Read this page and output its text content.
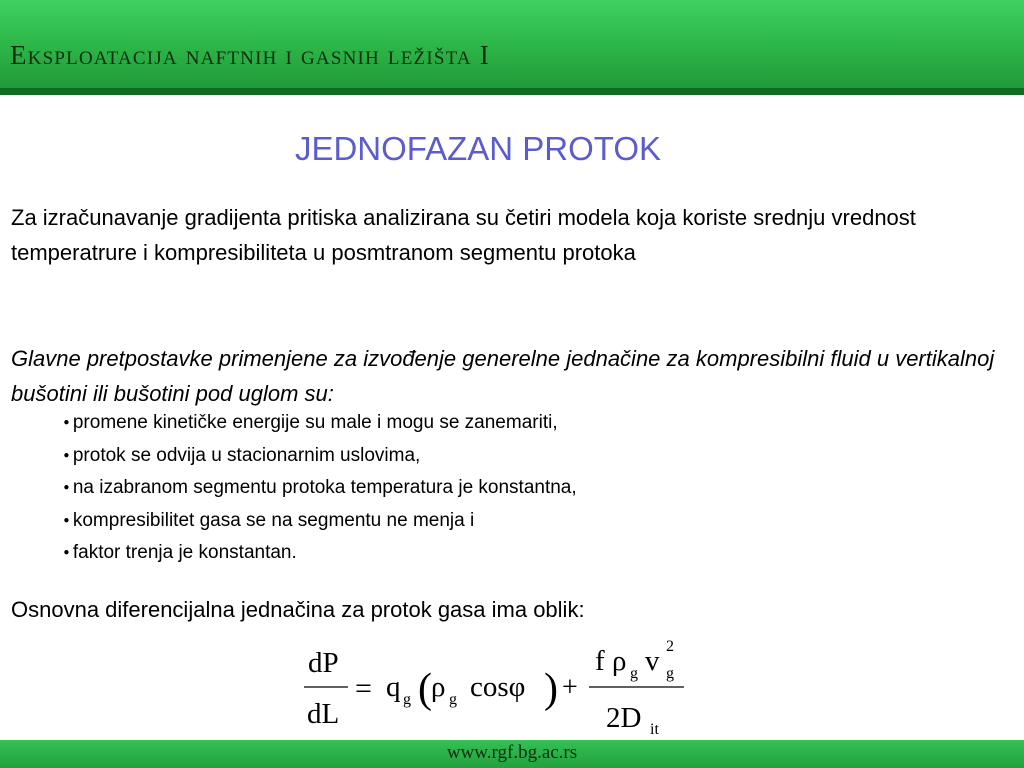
Eksploatacija naftnih i gasnih ležišta I
JEDNOFAZAN PROTOK
Za izračunavanje gradijenta pritiska analizirana su četiri modela koja koriste srednju vrednost temperatrure i kompresibiliteta u posmtranom segmentu protoka
Glavne pretpostavke primenjene za izvođenje generelne jednačine za kompresibilni fluid u vertikalnoj bušotini ili bušotini pod uglom su:
• promene kinetičke energije su male i mogu se zanemariti,
• protok se odvija u stacionarnim uslovima,
• na izabranom segmentu protoka temperatura je konstantna,
• kompresibilitet gasa se na segmentu ne menja i
• faktor trenja je konstantan.
Osnovna diferencijalna jednačina za protok gasa ima oblik:
dP
dL
= q g ( ρ g cosφ ) +
f ρ g v 2
g
2D it
www.rgf.bg.ac.rs
